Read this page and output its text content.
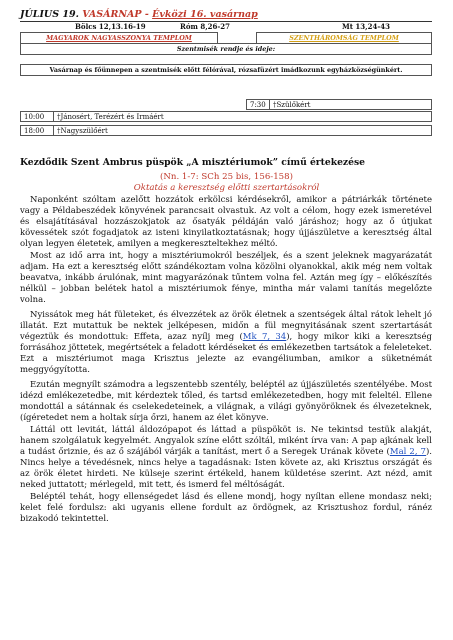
JÚLIUS 19. VASÁRNAP - Évközi 16. vasárnap
Bölcs 12,13.16-19	Róm 8,26-27	Mt 13,24-43
MAGYAROK NAGYASSZONYA TEMPLOM		SZENTHÁROMSÁG TEMPLOM
Szentmisék rendje és ideje:

Vasárnap és főünnepen a szentmisék előtt félórával, rózsafüzért imádkozunk egyházközségünkért.
7:30 †Szülőkért
10:00 †Jánosért, Terézért és Irmáért
18:00 †Nagyszülőért
Kezdődik Szent Ambrus püspök „A misztériumok” című értekezése
(Nn. 1-7: SCh 25 bis, 156-158)
Oktatás a keresztség előtti szertartásokról

Naponként szóltam azelőtt hozzátok erkölcsi kérdésekről, amikor a pátriárkák története vagy a Példabeszédek könyvének parancsait olvastuk. Az volt a célom, hogy ezek ismeretével és elsajátításával hozzászokjatok az ősatyák példáján való járáshoz; hogy az ő útjukat kövessétek szót fogadjatok az isteni kinyilatkoztatásnak; hogy újjászületve a keresztség által olyan legyen életetek, amilyen a megkereszteltekhez méltó.

Most az idő arra int, hogy a misztériumokról beszéljek, és a szent jeleknek magyarázatát adjam. Ha ezt a keresztség előtt szándékoztam volna közölni olyanokkal, akik még nem voltak beavatva, inkább árulónak, mint magyarázónak tűntem volna fel. Aztán meg így – előkészítés nélkül – jobban belétek hatol a misztériumok fénye, mintha már valami tanítás megelőzte volna.

Nyissátok meg hát fületeket, és élvezzétek az örök életnek a szentségek által rátok lehelt jó illatát. Ezt mutattuk be nektek jelképesen, midőn a fül megnyitásának szent szertartását végeztük és mondottuk: Effeta, azaz nyílj meg (Mk 7, 34), hogy mikor kiki a keresztség forrásához jöttetek, megértsétek a feladott kérdéseket és emlékezetben tartsátok a feleleteket. Ezt a misztériumot maga Krisztus jelezte az evangéliumban, amikor a süketnémát meggyógyította.

Ezután megnyílt számodra a legszentebb szentély, beléptél az újjászületés szentélyébe. Most idézd emlékezetedbe, mit kérdeztek tőled, és tartsd emlékezetedben, hogy mit feleltél. Ellene mondottál a sátánnak és cselekedeteinek, a világnak, a világi gyönyöröknek és élvezeteknek, (ígéretedet nem a holtak sírja őrzi, hanem az élet könyve.

Láttál ott levitát, láttál áldozópapot és láttad a püspököt is. Ne tekintsd testük alakját, hanem szolgálatuk kegyelmét. Angyalok színe előtt szóltál, miként írva van: A pap ajkának kell a tudást őriznie, és az ő szájából várják a tanítást, mert ő a Seregek Urának követe (Mal 2, 7). Nincs helye a tévedésnek, nincs helye a tagadásnak: Isten követe az, aki Krisztus országát és az örök életet hirdeti. Ne külseje szerint értékeld, hanem küldetése szerint. Azt nézd, amit neked juttatott; mérlegeld, mit tett, és ismerd fel méltóságát.

Beléptél tehát, hogy ellenségedet lásd és ellene mondj, hogy nyíltan ellene mondasz neki; kelet felé fordulsz: aki ugyanis ellene fordult az ördögnek, az Krisztushoz fordul, ránéz bizakodó tekintettel.
